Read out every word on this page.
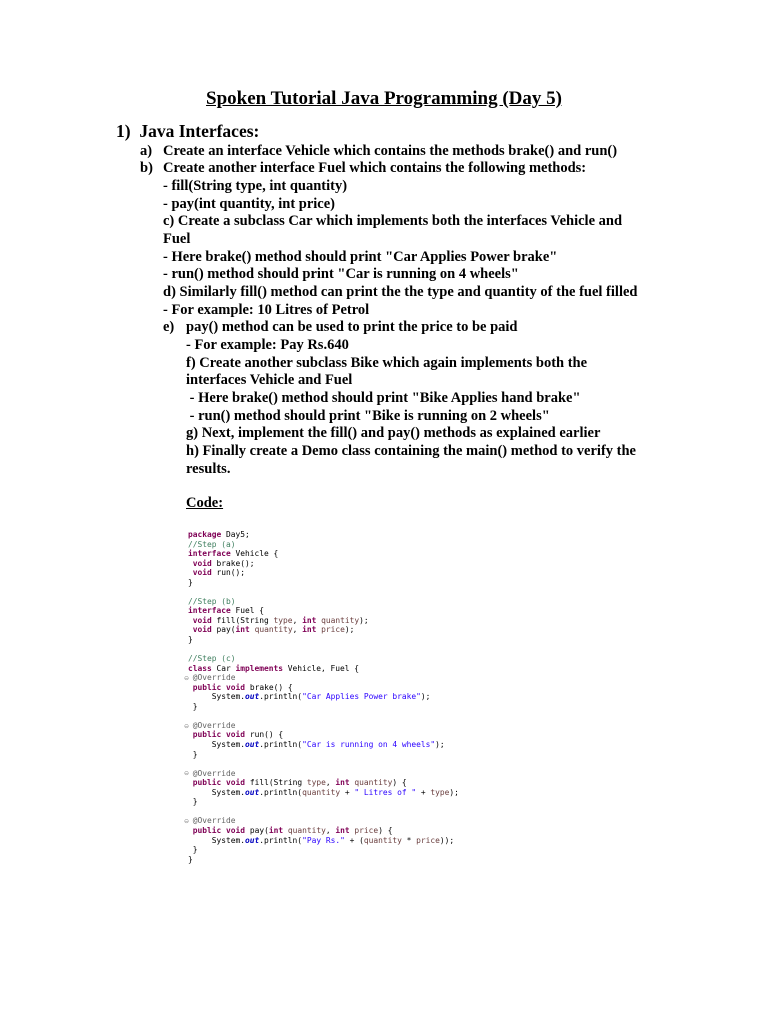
Spoken Tutorial Java Programming (Day 5)
1) Java Interfaces:
a)
b)
e)
Create an interface Vehicle which contains the methods brake() and run()
Create another interface Fuel which contains the following methods:
- fill(String type, int quantity)
- pay(int quantity, int price)
c) Create a subclass Car which implements both the interfaces Vehicle and
Fuel
- Here brake() method should print "Car Applies Power brake"
- run() method should print "Car is running on 4 wheels"
d) Similarly fill() method can print the the type and quantity of the fuel filled
- For example: 10 Litres of Petrol
pay() method can be used to print the price to be paid
- For example: Pay Rs.640
f) Create another subclass Bike which again implements both the
interfaces Vehicle and Fuel
- Here brake() method should print "Bike Applies hand brake"
- run() method should print "Bike is running on 2 wheels"
g) Next, implement the fill() and pay() methods as explained earlier
h) Finally create a Demo class containing the main() method to verify the
results.
Code:
⊖
⊖
⊖
⊖
package Day5;
//Step (a)
interface Vehicle {
void brake();
void run();
}

//Step (b)
interface Fuel {
void fill(String type, int quantity);
void pay(int quantity, int price);
}

//Step (c)
class Car implements Vehicle, Fuel {
@Override
public void brake() {
System.out.println("Car Applies Power brake");
}

@Override
public void run() {
System.out.println("Car is running on 4 wheels");
}

@Override
public void fill(String type, int quantity) {
System.out.println(quantity + " Litres of " + type);
}

@Override
public void pay(int quantity, int price) {
System.out.println("Pay Rs." + (quantity * price));
}
}
